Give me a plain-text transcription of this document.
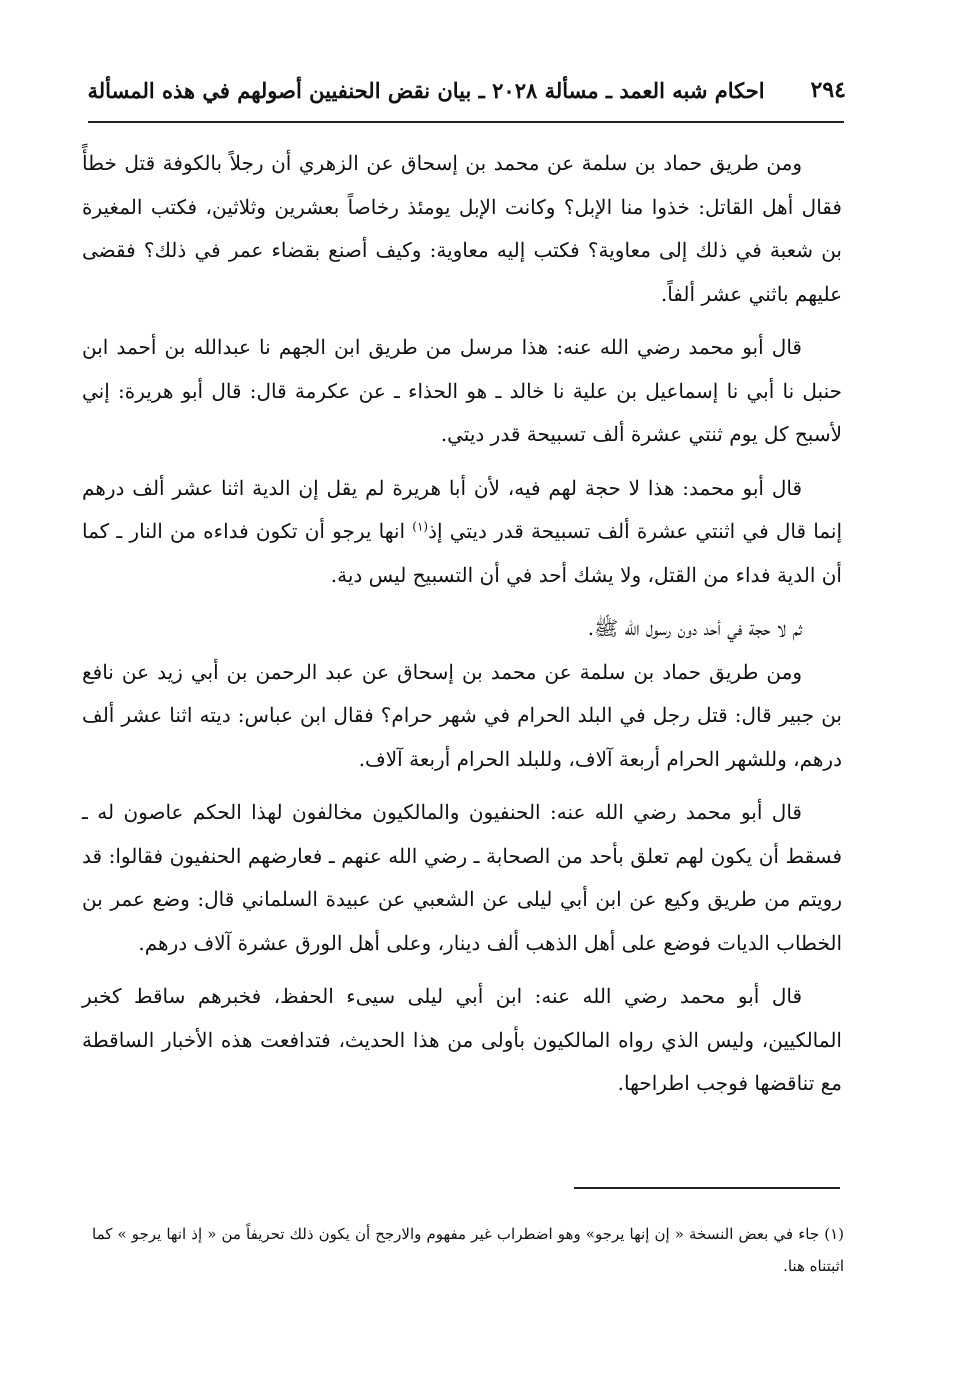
٢٩٤
احكام شبه العمد ـ مسألة ٢٠٢٨ ـ بيان نقض الحنفيين أصولهم في هذه المسألة

ومن طريق حماد بن سلمة عن محمد بن إسحاق عن الزهري أن رجلاً بالكوفة قتل خطأً فقال أهل القاتل: خذوا منا الإبل؟ وكانت الإبل يومئذ رخاصاً بعشرين وثلاثين، فكتب المغيرة بن شعبة في ذلك إلى معاوية؟ فكتب إليه معاوية: وكيف أصنع بقضاء عمر في ذلك؟ فقضى عليهم باثني عشر ألفاً.

قال أبو محمد رضي الله عنه: هذا مرسل من طريق ابن الجهم نا عبدالله بن أحمد ابن حنبل نا أبي نا إسماعيل بن علية نا خالد ـ هو الحذاء ـ عن عكرمة قال: قال أبو هريرة: إني لأسبح كل يوم ثنتي عشرة ألف تسبيحة قدر ديتي.

قال أبو محمد: هذا لا حجة لهم فيه، لأن أبا هريرة لم يقل إن الدية اثنا عشر ألف درهم إنما قال في اثنتي عشرة ألف تسبيحة قدر ديتي إذ$^{(١)}$ انها يرجو أن تكون فداءه من النار ـ كما أن الدية فداء من القتل، ولا يشك أحد في أن التسبيح ليس دية.

ثم لا حجة في أحد دون رسول الله ﷺ.

ومن طريق حماد بن سلمة عن محمد بن إسحاق عن عبد الرحمن بن أبي زيد عن نافع بن جبير قال: قتل رجل في البلد الحرام في شهر حرام؟ فقال ابن عباس: ديته اثنا عشر ألف درهم، وللشهر الحرام أربعة آلاف، وللبلد الحرام أربعة آلاف.

قال أبو محمد رضي الله عنه: الحنفيون والمالكيون مخالفون لهذا الحكم عاصون له ـ فسقط أن يكون لهم تعلق بأحد من الصحابة ـ رضي الله عنهم ـ فعارضهم الحنفيون فقالوا: قد رويتم من طريق وكيع عن ابن أبي ليلى عن الشعبي عن عبيدة السلماني قال: وضع عمر بن الخطاب الديات فوضع على أهل الذهب ألف دينار، وعلى أهل الورق عشرة آلاف درهم.

قال أبو محمد رضي الله عنه: ابن أبي ليلى سيىء الحفظ، فخبرهم ساقط كخبر المالكيين، وليس الذي رواه المالكيون بأولى من هذا الحديث، فتدافعت هذه الأخبار الساقطة مع تناقضها فوجب اطراحها.

(١) جاء في بعض النسخة « إن إنها يرجو» وهو اضطراب غير مفهوم والارجح أن يكون ذلك تحريفاً من « إذ انها يرجو » كما اثبتناه هنا.
